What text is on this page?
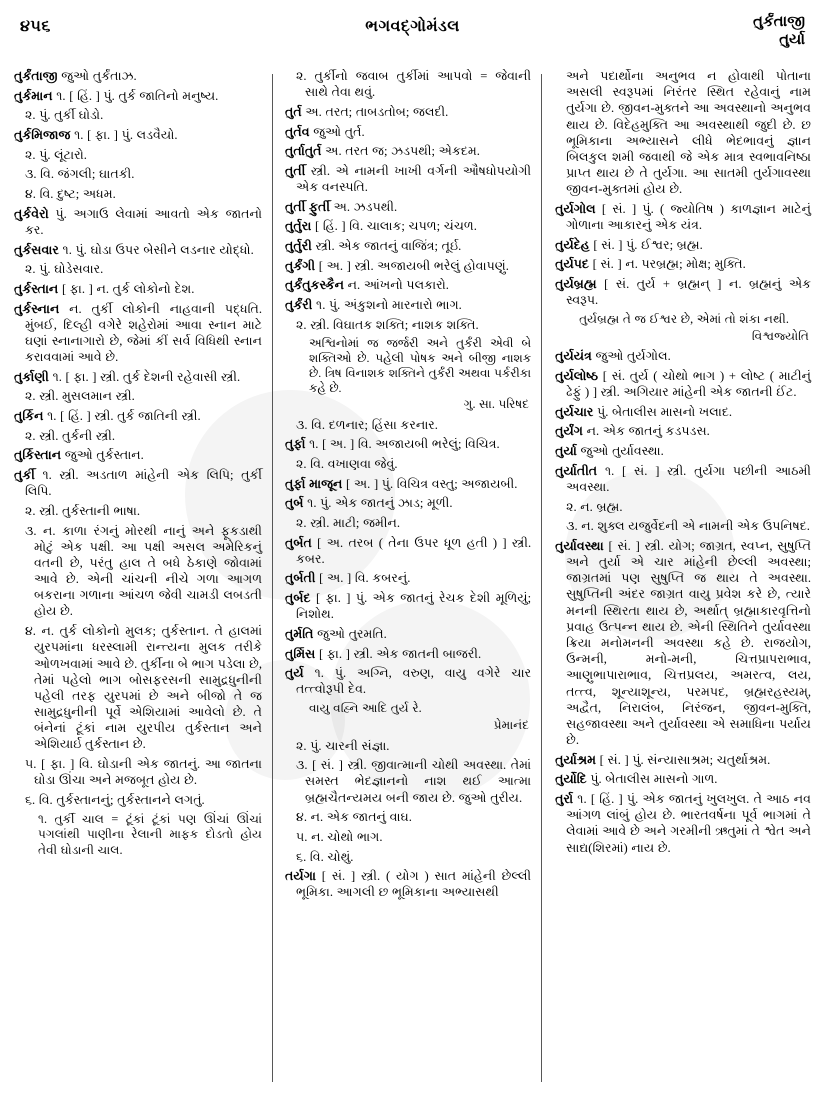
૪૫૬	ભગવદ્ગોમંડલ	તુર્કંતાજી
તુર્યા

તુર્કંતાજી જુઓ તુર્કંતાઝ.

તુર્કમાન ૧. [ હિં. ] પું. તુર્ક જાતિનો મનુષ્ય.

૨. પું. તુર્કી ઘોડો.

તુર્કમિજાજ ૧. [ ફા. ] પું. લડવૈયો.

૨. પું. લૂંટારો.

૩. વિ. જંગલી; ઘાતકી.

૪. વિ. દુષ્ટ; અધમ.

તુર્કવેરો પું. અગાઉ લેવામાં આવતો એક જાતનો કર.

તુર્કસવાર ૧. પું. ઘોડા ઉપર બેસીને લડનાર યોદ્ધો.

૨. પું. ઘોડેસવાર.

તુર્કસ્તાન [ ફા. ] ન. તુર્ક લોકોનો દેશ.

તુર્કસ્નાન ન. તુર્કી લોકોની નાહવાની પદ્ધતિ. મુંબઈ, દિલ્હી વગેરે શહેરોમાં આવા સ્નાન માટે ઘણાં સ્નાનાગારો છે, જેમાં કીં સર્વ વિધિથી સ્નાન કરાવવામાં આવે છે.

તુર્કાણી ૧. [ ફા. ] સ્ત્રી. તુર્ક દેશની રહેવાસી સ્ત્રી.

૨. સ્ત્રી. મુસલમાન સ્ત્રી.

તુર્કિન ૧. [ હિં. ] સ્ત્રી. તુર્ક જાતિની સ્ત્રી.

૨. સ્ત્રી. તુર્કની સ્ત્રી.

તુર્કિસ્તાન જુઓ તુર્કસ્તાન.

તુર્કી ૧. સ્ત્રી. અડતાળ માંહેની એક લિપિ; તુર્કી લિપિ.

૨. સ્ત્રી. તુર્કસ્તાની ભાષા.

૩. ન. કાળા રંગનું મોરથી નાનું અને ફૂકડાથી મોટું એક પક્ષી. આ પક્ષી અસલ અમેરિકનું વતની છે, પરંતુ હાલ તે બધે ઠેકાણે જોવામાં આવે છે. એની ચાંચની નીચે ગળા આગળ બકરાના ગળાના આંચળ જેવી ચામડી લબડતી હોય છે.

૪. ન. તુર્ક લોકોનો મુલક; તુર્કસ્તાન. તે હાલમાં યુરપમાંના ધરસ્લામી રાન્ત્યના મુલક તરીકે ઓળખવામાં આવે છે. તુર્કીના બે ભાગ પડેલા છે, તેમાં પહેલો ભાગ બોસફરસની સામુદ્રધુનીની પહેલી તરફ યુરપમાં છે અને બીજો તે જ સામુદ્રધુનીની પૂર્વે એશિયામાં આવેલો છે. તે બંનેનાં ટૂંકાં નામ યુરપીય તુર્કસ્તાન અને એશિયાર્ઇ તુર્કસ્તાન છે.

૫. [ ફા. ] વિ. ઘોડાની એક જાતનું. આ જાતના ઘોડા ઊંચા અને મજબૂત હોય છે.

૬. વિ. તુર્કસ્તાનનું; તુર્કસ્તાનને લગતું.

૧. તુર્કી ચાલ = ટૂંકાં ટૂંકાં પણ ઊંચાં ઊંચાં પગલાંથી પાણીના રેલાની માફક દોડતો હોય તેવી ઘોડાની ચાલ.

૨. તુર્કીનો જવાબ તુર્કીમાં આપવો = જેવાની સાથે તેવા થવું.

તુર્ત અ. તરત; તાબડતોબ; જલદી.

તુર્તવ જુઓ તુર્ત.

તુર્તાતુર્ત અ. તરત જ; ઝડપથી; એકદમ.

તુર્તી સ્ત્રી. એ નામની ખાખી વર્ગની ઔષધોપયોગી એક વનસ્પતિ.

તુર્તી ફુર્તી અ. ઝડપથી.

તુર્તુરા [ હિં. ] વિ. ચાલાક; ચપળ; ચંચળ.

તુર્તુરી સ્ત્રી. એક જાતનું વાજિંત્ર; તૂર્ઇ.

તુર્કંગી [ અ. ] સ્ત્રી. અજાયબી ભરેલું હોવાપણું.

તુર્કંતુકસ્કૈન ન. આંખનો પલકારો.

તુર્કંરી ૧. પું. અંકુશનો મારનારો ભાગ.

૨. સ્ત્રી. વિઘાતક શક્તિ; નાશક શક્તિ.

અશ્વિનોમાં જ જર્જરી અને તુર્કંરી એવી બે શક્તિઓ છે. પહેલી પોષક અને બીજી નાશક છે. ત્રિષ વિનાશક શક્તિને તુર્કંરી અથવા પર્કરીકા કહે છે.

ગુ. સા. પરિષદ

૩. વિ. દળનાર; હિંસા કરનાર.

તુર્ફા ૧. [ અ. ] વિ. અજાયબી ભરેલું; વિચિત્ર.

૨. વિ. વખાણવા જેવું.

તુર્ફા માજૂન [ અ. ] પું. વિચિત્ર વસ્તુ; અજાયબી.

તુર્બ ૧. પું. એક જાતનું ઝાડ; મૂળી.

૨. સ્ત્રી. માટી; જમીન.

તુર્બત [ અ. તરબ ( તેના ઉપર ધૂળ હતી ) ] સ્ત્રી. કબર.

તુર્બતી [ અ. ] વિ. કબરનું.

તુર્બદ [ ફા. ] પું. એક જાતનું રેચક દેશી મૂળિયું; નિશોથ.

તુર્મતિ જુઓ તુરમતિ.

તુર્મિસ [ ફા. ] સ્ત્રી. એક જાતની બાજરી.

તુર્ય ૧. પું. અગ્નિ, વરુણ, વાયુ વગેરે ચાર તત્ત્વોરૂપી દેવ.

વાયુ વહ્નિ આદિ તુર્ય રે.

પ્રેમાનંદ

૨. પું. ચારની સંજ્ઞા.

૩. [ સં. ] સ્ત્રી. જીવાત્માની ચોથી અવસ્થા. તેમાં સમસ્ત ભેદજ્ઞાનનો નાશ થઈ આત્મા બ્રહ્મચૈતન્યમય બની જાય છે. જુઓ તુરીય.

૪. ન. એક જાતનું વાઘ.

૫. ન. ચોથો ભાગ.

૬. વિ. ચોથું.

તર્યગા [ સં. ] સ્ત્રી. ( યોગ ) સાત માંહેની છેલ્લી ભૂમિકા. આગલી છ ભૂમિકાના અભ્યાસથી

અને પદાર્થોના અનુભવ ન હોવાથી પોતાના અસલી સ્વરૂપમાં નિરંતર સ્થિત રહેવાનું નામ તુર્યગા છે. જીવન-મુક્તને આ અવસ્થાનો અનુભવ થાય છે. વિદેહમુક્તિ આ અવસ્થાથી જુદી છે. છ ભૂમિકાના અભ્યાસને લીધે ભેદભાવનું જ્ઞાન બિલકુલ શમી જવાથી જે એક માત્ર સ્વભાવનિષ્ઠા પ્રાપ્ત થાય છે તે તુર્યગા. આ સાતમી તુર્યગાવસ્થા જીવન-મુક્તમાં હોય છે.

તુર્યગોલ [ સં. ] પું. ( જ્યોતિષ ) કાળજ્ઞાન માટેનું ગોળાના આકારનું એક યંત્ર.

તુર્યદેહ [ સં. ] પું. ઈશ્વર; બ્રહ્મ.

તુર્યપદ [ સં. ] ન. પરબ્રહ્મ; મોક્ષ; મુક્તિ.

તુર્યબ્રહ્મ [ સં. તુર્ય + બ્રહ્મન્ ] ન. બ્રહ્મનું એક સ્વરૂપ.

તુર્યબ્રહ્મ તે જ ઈશ્વર છે, એમાં તો શંકા નથી.

વિશ્વજ્યોતિ

તુર્યયંત્ર જુઓ તુર્યગોલ.

તુર્યલોષ્ઠ [ સં. તુર્ય ( ચોથો ભાગ ) + લોષ્ટ ( માટીનું ઢેફું ) ] સ્ત્રી. અગિયાર માંહેની એક જાતની ઈંટ.

તુર્યચાર પું. બેતાલીસ માસનો ખલાદ.

તુર્યંગ ન. એક જાતનું કડપડસ.

તુર્યા જુઓ તુર્યાવસ્થા.

તુર્યાતીત ૧. [ સં. ] સ્ત્રી. તુર્યગા પછીની આઠમી અવસ્થા.

૨. ન. બ્રહ્મ.

૩. ન. શુક્લ યજુર્વેદની એ નામની એક ઉપનિષદ.

તુર્યાવસ્થા [ સં. ] સ્ત્રી. યોગ; જાગ્રત, સ્વપ્ન, સુષુપ્તિ અને તુર્યા એ ચાર માંહેની છેલ્લી અવસ્થા; જાગ્રતમાં પણ સુષુપ્તિ જ થાય તે અવસ્થા. સુષુપ્તિની અંદર જાગ્રત વાયુ પ્રવેશ કરે છે, ત્યારે મનની સ્થિરતા થાય છે, અર્થાત્ બ્રહ્માકારવૃત્તિનો પ્રવાહ ઉત્પન્ન થાય છે. એની સ્થિતિને તુર્યાવસ્થા ક્રિયા મનોમનની અવસ્થા કહે છે. રાજયોગ, ઉન્મની, મનો-મની, ચિત્તપ્રાપરાભાવ, આણુભાપારાભાવ, ચિત્તપ્રલય, અમરત્વ, લય, તત્ત્વ, શૂન્યાશૂન્ય, પરમપદ, બ્રહ્મરહસ્યમ્, અદ્વૈત, નિરાલંબ, નિરંજન, જીવન-મુક્તિ, સહજાવસ્થા અને તુર્યાવસ્થા એ સમાધિના પર્યાય છે.

તુર્યાશ્રમ [ સં. ] પું. સંન્યાસાશ્રમ; ચતુર્થાશ્રમ.

તુર્યોદિ પું. બેતાલીસ માસનો ગાળ.

તુર્રા ૧. [ હિં. ] પું. એક જાતનું ખુલખુલ. તે આઠ નવ આંગળ લાંબું હોય છે. ભારતવર્ષના પૂર્વ ભાગમાં તે લેવામાં આવે છે અને ગરમીની ઋતુમાં તે શ્વેત અને સાદ્ય(શિરમાં) નાય છે.
